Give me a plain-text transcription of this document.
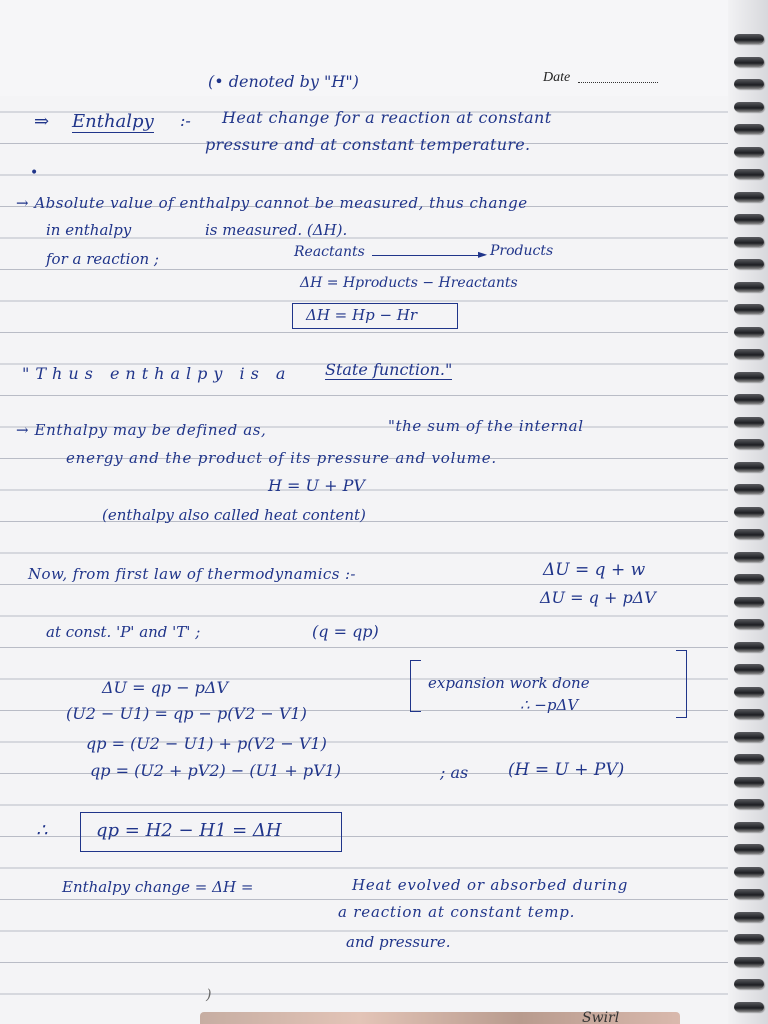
Date
(• denoted by "H")
⇒ Enthalpy :- Heat change for a reaction at constant
pressure and at constant temperature.
•
→ Absolute value of enthalpy cannot be measured, thus change
in enthalpy	is measured. (ΔH).
for a reaction ;	Reactants	► Products
ΔH = Hproducts − Hreactants
ΔH = Hp − Hr
"Thus enthalpy is a State function."
→ Enthalpy may be defined as,	"the sum of the internal
energy and the product of its pressure and volume.
H = U + PV
(enthalpy also called heat content)
Now, from first law of thermodynamics :-	ΔU = q + w
ΔU = q + pΔV
at const. 'P' and 'T' ;	(q = qp)
ΔU = qp − pΔV
(U2 − U1) = qp − p(V2 − V1)
qp = (U2 − U1) + p(V2 − V1)
qp = (U2 + pV2) − (U1 + pV1)	; as (H = U + PV)
expansion work done
∴ −pΔV
∴	qp = H2 − H1 = ΔH
Enthalpy change = ΔH =	Heat evolved or absorbed during
a reaction at constant temp.
and pressure.
)
Swirl
